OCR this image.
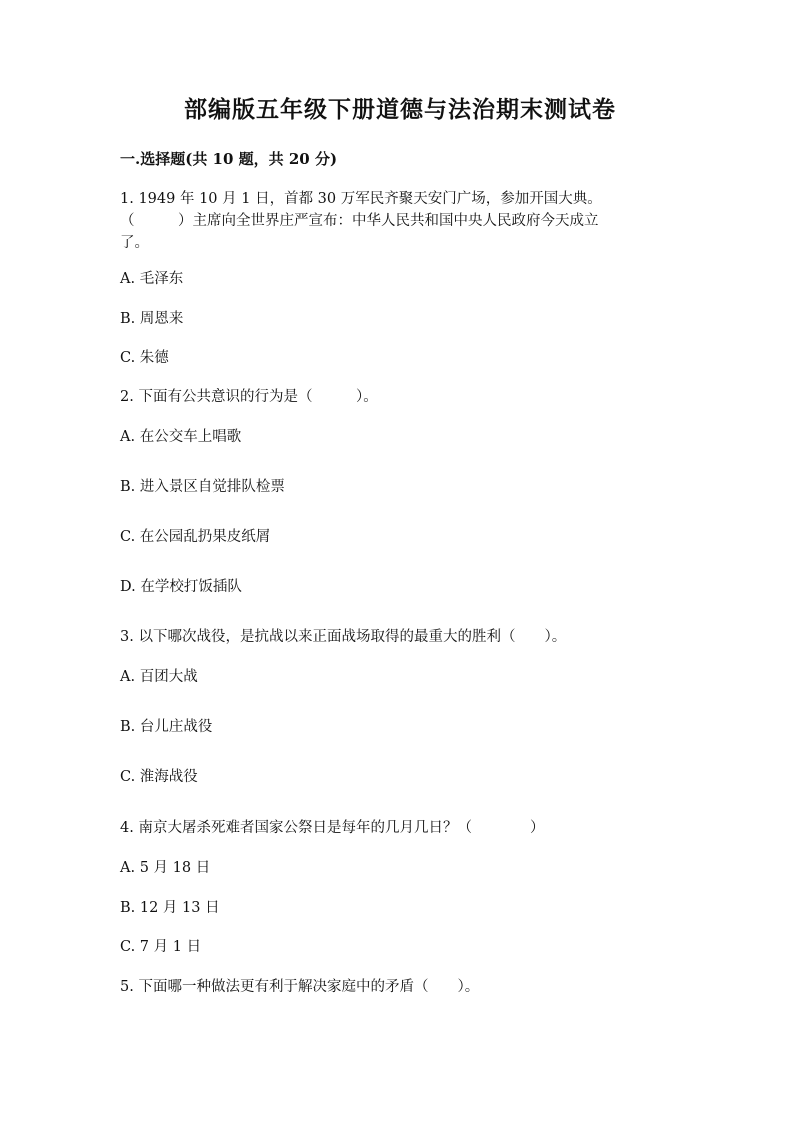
部编版五年级下册道德与法治期末测试卷
一.选择题(共 10 题，共 20 分)
1. 1949 年 10 月 1 日，首都 30 万军民齐聚天安门广场，参加开国大典。
（　　　）主席向全世界庄严宣布：中华人民共和国中央人民政府今天成立
了。
A. 毛泽东
B. 周恩来
C. 朱德
2. 下面有公共意识的行为是（　　　）。
A. 在公交车上唱歌
B. 进入景区自觉排队检票
C. 在公园乱扔果皮纸屑
D. 在学校打饭插队
3. 以下哪次战役，是抗战以来正面战场取得的最重大的胜利（　　）。
A. 百团大战
B. 台儿庄战役
C. 淮海战役
4. 南京大屠杀死难者国家公祭日是每年的几月几日？（　　　　）
A. 5 月 18 日
B. 12 月 13 日
C. 7 月 1 日
5. 下面哪一种做法更有利于解决家庭中的矛盾（　　）。
